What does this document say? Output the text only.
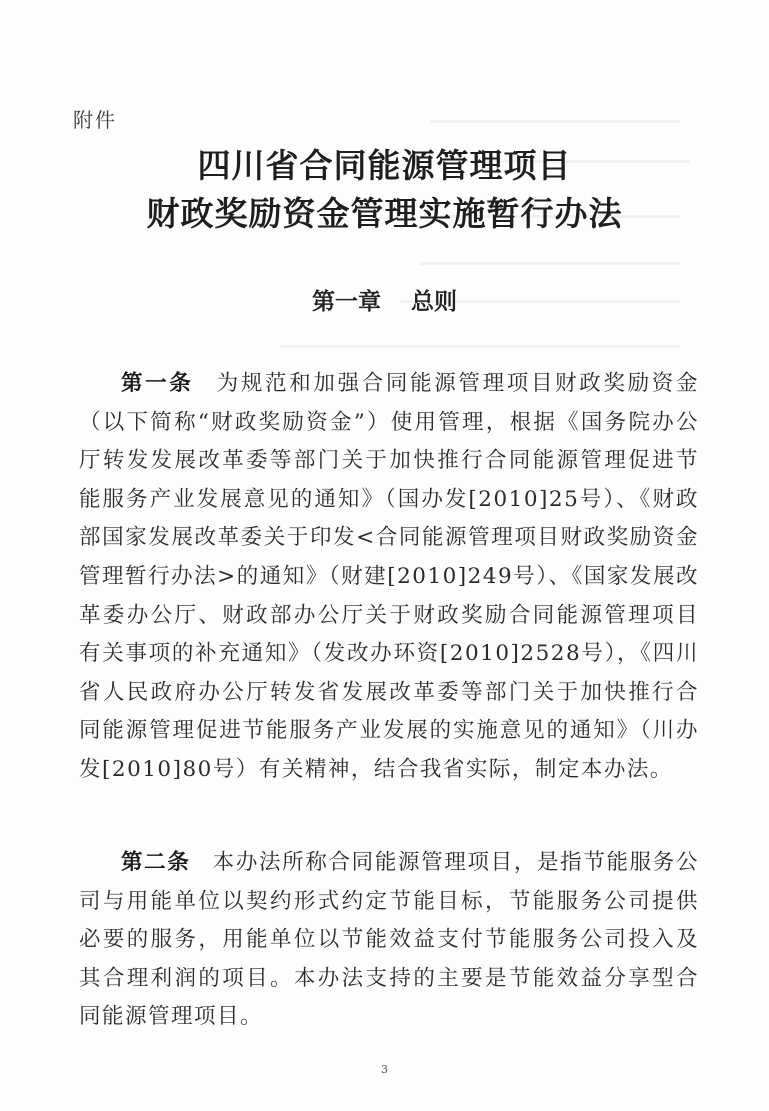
附件
四川省合同能源管理项目
财政奖励资金管理实施暂行办法
第一章 总则
第一条 为规范和加强合同能源管理项目财政奖励资金（以下简称“财政奖励资金”）使用管理，根据《国务院办公厅转发发展改革委等部门关于加快推行合同能源管理促进节能服务产业发展意见的通知》（国办发[2010]25号）、《财政部国家发展改革委关于印发<合同能源管理项目财政奖励资金管理暂行办法>的通知》（财建[2010]249号）、《国家发展改革委办公厅、财政部办公厅关于财政奖励合同能源管理项目有关事项的补充通知》（发改办环资[2010]2528号），《四川省人民政府办公厅转发省发展改革委等部门关于加快推行合同能源管理促进节能服务产业发展的实施意见的通知》（川办发[2010]80号）有关精神，结合我省实际，制定本办法。
第二条 本办法所称合同能源管理项目，是指节能服务公司与用能单位以契约形式约定节能目标，节能服务公司提供必要的服务，用能单位以节能效益支付节能服务公司投入及其合理利润的项目。本办法支持的主要是节能效益分享型合同能源管理项目。
3
